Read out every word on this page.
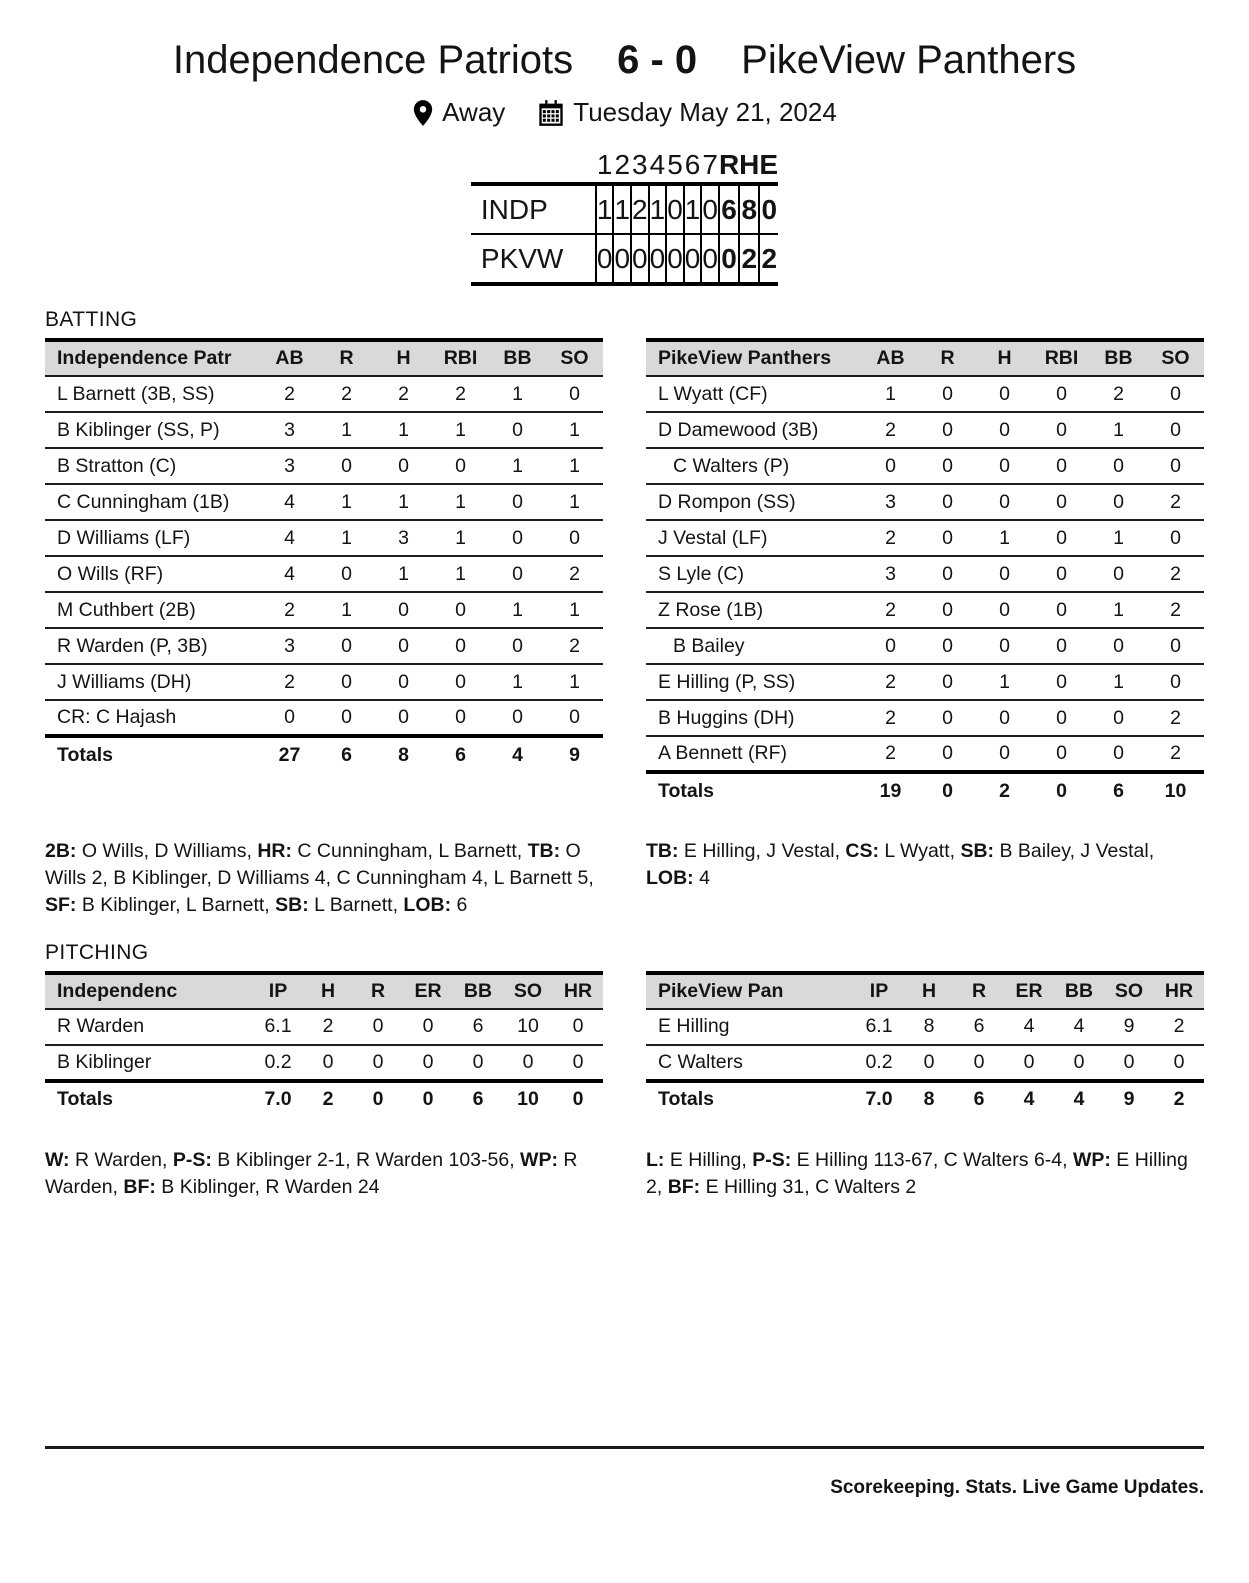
Independence Patriots 6 - 0 PikeView Panthers
Away	Tuesday May 21, 2024
	1	2	3	4	5	6	7	R	H	E
INDP	1	1	2	1	0	1	0	6	8	0
PKVW	0	0	0	0	0	0	0	0	2	2
BATTING
Independence Patr	AB	R	H	RBI	BB	SO
L Barnett (3B, SS)	2	2	2	2	1	0
B Kiblinger (SS, P)	3	1	1	1	0	1
B Stratton (C)	3	0	0	0	1	1
C Cunningham (1B)	4	1	1	1	0	1
D Williams (LF)	4	1	3	1	0	0
O Wills (RF)	4	0	1	1	0	2
M Cuthbert (2B)	2	1	0	0	1	1
R Warden (P, 3B)	3	0	0	0	0	2
J Williams (DH)	2	0	0	0	1	1
CR: C Hajash	0	0	0	0	0	0
Totals	27	6	8	6	4	9
PikeView Panthers	AB	R	H	RBI	BB	SO
L Wyatt (CF)	1	0	0	0	2	0
D Damewood (3B)	2	0	0	0	1	0
C Walters (P)	0	0	0	0	0	0
D Rompon (SS)	3	0	0	0	0	2
J Vestal (LF)	2	0	1	0	1	0
S Lyle (C)	3	0	0	0	0	2
Z Rose (1B)	2	0	0	0	1	2
B Bailey	0	0	0	0	0	0
E Hilling (P, SS)	2	0	1	0	1	0
B Huggins (DH)	2	0	0	0	0	2
A Bennett (RF)	2	0	0	0	0	2
Totals	19	0	2	0	6	10

2B: O Wills, D Williams, HR: C Cunningham, L Barnett, TB: O Wills 2, B Kiblinger, D Williams 4, C Cunningham 4, L Barnett 5, SF: B Kiblinger, L Barnett, SB: L Barnett, LOB: 6

TB: E Hilling, J Vestal, CS: L Wyatt, SB: B Bailey, J Vestal, LOB: 4

PITCHING
Independenc	IP	H	R	ER	BB	SO	HR
R Warden	6.1	2	0	0	6	10	0
B Kiblinger	0.2	0	0	0	0	0	0
Totals	7.0	2	0	0	6	10	0
PikeView Pan	IP	H	R	ER	BB	SO	HR
E Hilling	6.1	8	6	4	4	9	2
C Walters	0.2	0	0	0	0	0	0
Totals	7.0	8	6	4	4	9	2

W: R Warden, P-S: B Kiblinger 2-1, R Warden 103-56, WP: R Warden, BF: B Kiblinger, R Warden 24

L: E Hilling, P-S: E Hilling 113-67, C Walters 6-4, WP: E Hilling 2, BF: E Hilling 31, C Walters 2

Scorekeeping. Stats. Live Game Updates.
